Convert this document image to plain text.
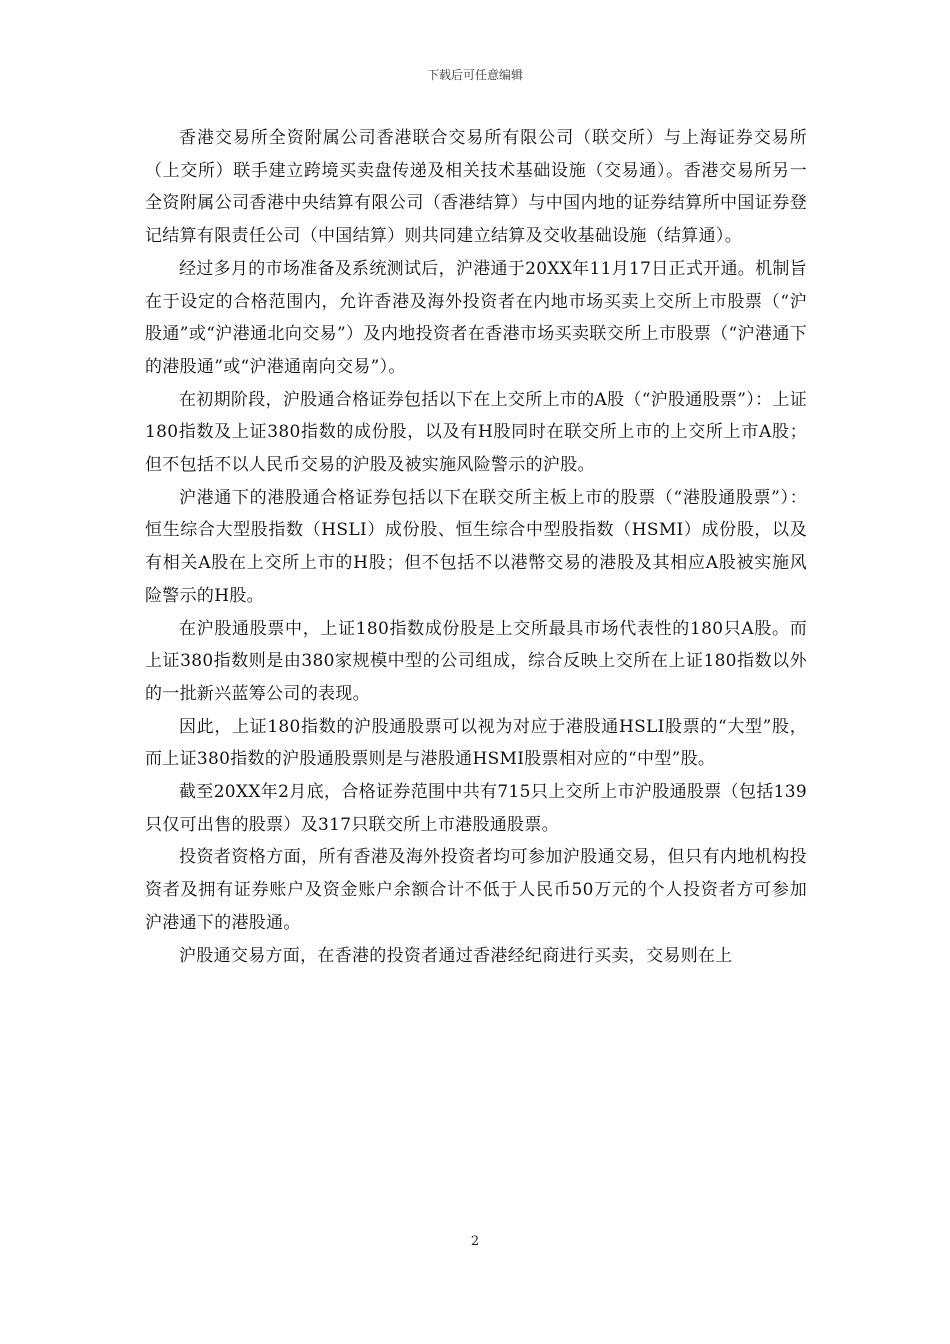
下载后可任意编辑

香港交易所全资附属公司香港联合交易所有限公司（联交所）与上海证券交易所（上交所）联手建立跨境买卖盘传递及相关技术基础设施（交易通）。香港交易所另一全资附属公司香港中央结算有限公司（香港结算）与中国内地的证券结算所中国证券登记结算有限责任公司（中国结算）则共同建立结算及交收基础设施（结算通）。

经过多月的市场准备及系统测试后，沪港通于20XX年11月17日正式开通。机制旨在于设定的合格范围内，允许香港及海外投资者在内地市场买卖上交所上市股票（“沪股通”或“沪港通北向交易”）及内地投资者在香港市场买卖联交所上市股票（“沪港通下的港股通”或“沪港通南向交易”）。

在初期阶段，沪股通合格证券包括以下在上交所上市的A股（“沪股通股票”）：上证180指数及上证380指数的成份股，以及有H股同时在联交所上市的上交所上市A股；但不包括不以人民币交易的沪股及被实施风险警示的沪股。

沪港通下的港股通合格证券包括以下在联交所主板上市的股票（“港股通股票”）：恒生综合大型股指数（HSLI）成份股、恒生综合中型股指数（HSMI）成份股，以及有相关A股在上交所上市的H股；但不包括不以港幣交易的港股及其相应A股被实施风险警示的H股。

在沪股通股票中，上证180指数成份股是上交所最具市场代表性的180只A股。而上证380指数则是由380家规模中型的公司组成，综合反映上交所在上证180指数以外的一批新兴蓝筹公司的表现。

因此，上证180指数的沪股通股票可以视为对应于港股通HSLI股票的“大型”股，而上证380指数的沪股通股票则是与港股通HSMI股票相对应的“中型”股。

截至20XX年2月底，合格证券范围中共有715只上交所上市沪股通股票（包括139只仅可出售的股票）及317只联交所上市港股通股票。

投资者资格方面，所有香港及海外投资者均可参加沪股通交易，但只有内地机构投资者及拥有证券账户及资金账户余额合计不低于人民币50万元的个人投资者方可参加沪港通下的港股通。

沪股通交易方面，在香港的投资者通过香港经纪商进行买卖，交易则在上

2
